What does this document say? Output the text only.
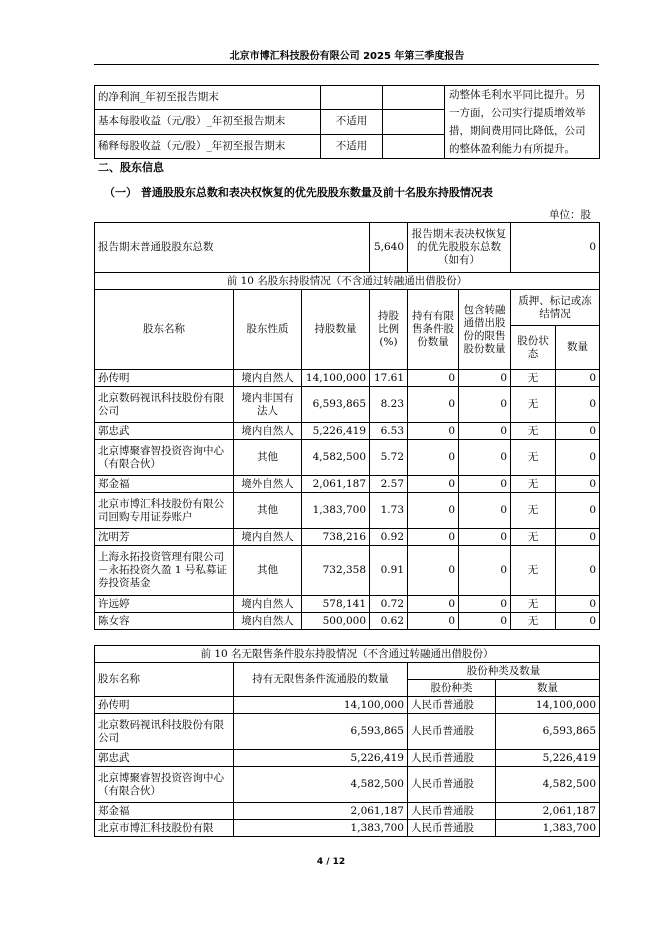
北京市博汇科技股份有限公司 2025 年第三季度报告
的净利润_年初至报告期末			动整体毛利水平同比提升。另一方面，公司实行提质增效举措，期间费用同比降低，公司的整体盈利能力有所提升。
基本每股收益（元/股）_年初至报告期末	不适用		
稀释每股收益（元/股）_年初至报告期末	不适用		
二、股东信息
（一） 普通股股东总数和表决权恢复的优先股股东数量及前十名股东持股情况表
单位：股
报告期末普通股股东总数			5,640	报告期末表决权恢复的优先股股东总数（如有）		0	
前 10 名股东持股情况（不含通过转融通出借股份）							
股东名称	股东性质	持股数量	持股比例(%)	持有有限售条件股份数量	包含转融通借出股份的限售股份数量	质押、标记或冻结情况	
						股份状态	数量
孙传明	境内自然人	14,100,000	17.61	0	0	无	0
北京数码视讯科技股份有限公司	境内非国有法人	6,593,865	8.23	0	0	无	0
郭忠武	境内自然人	5,226,419	6.53	0	0	无	0
北京博聚睿智投资咨询中心（有限合伙）	其他	4,582,500	5.72	0	0	无	0
郑金福	境外自然人	2,061,187	2.57	0	0	无	0
北京市博汇科技股份有限公司回购专用证券账户	其他	1,383,700	1.73	0	0	无	0
沈明芳	境内自然人	738,216	0.92	0	0	无	0
上海永拓投资管理有限公司－永拓投资久盈 1 号私募证券投资基金	其他	732,358	0.91	0	0	无	0
许远婷	境内自然人	578,141	0.72	0	0	无	0
陈女容	境内自然人	500,000	0.62	0	0	无	0
前 10 名无限售条件股东持股情况（不含通过转融通出借股份）			
股东名称	持有无限售条件流通股的数量	股份种类及数量	
		股份种类	数量
孙传明	14,100,000	人民币普通股	14,100,000
北京数码视讯科技股份有限公司	6,593,865	人民币普通股	6,593,865
郭忠武	5,226,419	人民币普通股	5,226,419
北京博聚睿智投资咨询中心（有限合伙）	4,582,500	人民币普通股	4,582,500
郑金福	2,061,187	人民币普通股	2,061,187
北京市博汇科技股份有限	1,383,700	人民币普通股	1,383,700
4 / 12
